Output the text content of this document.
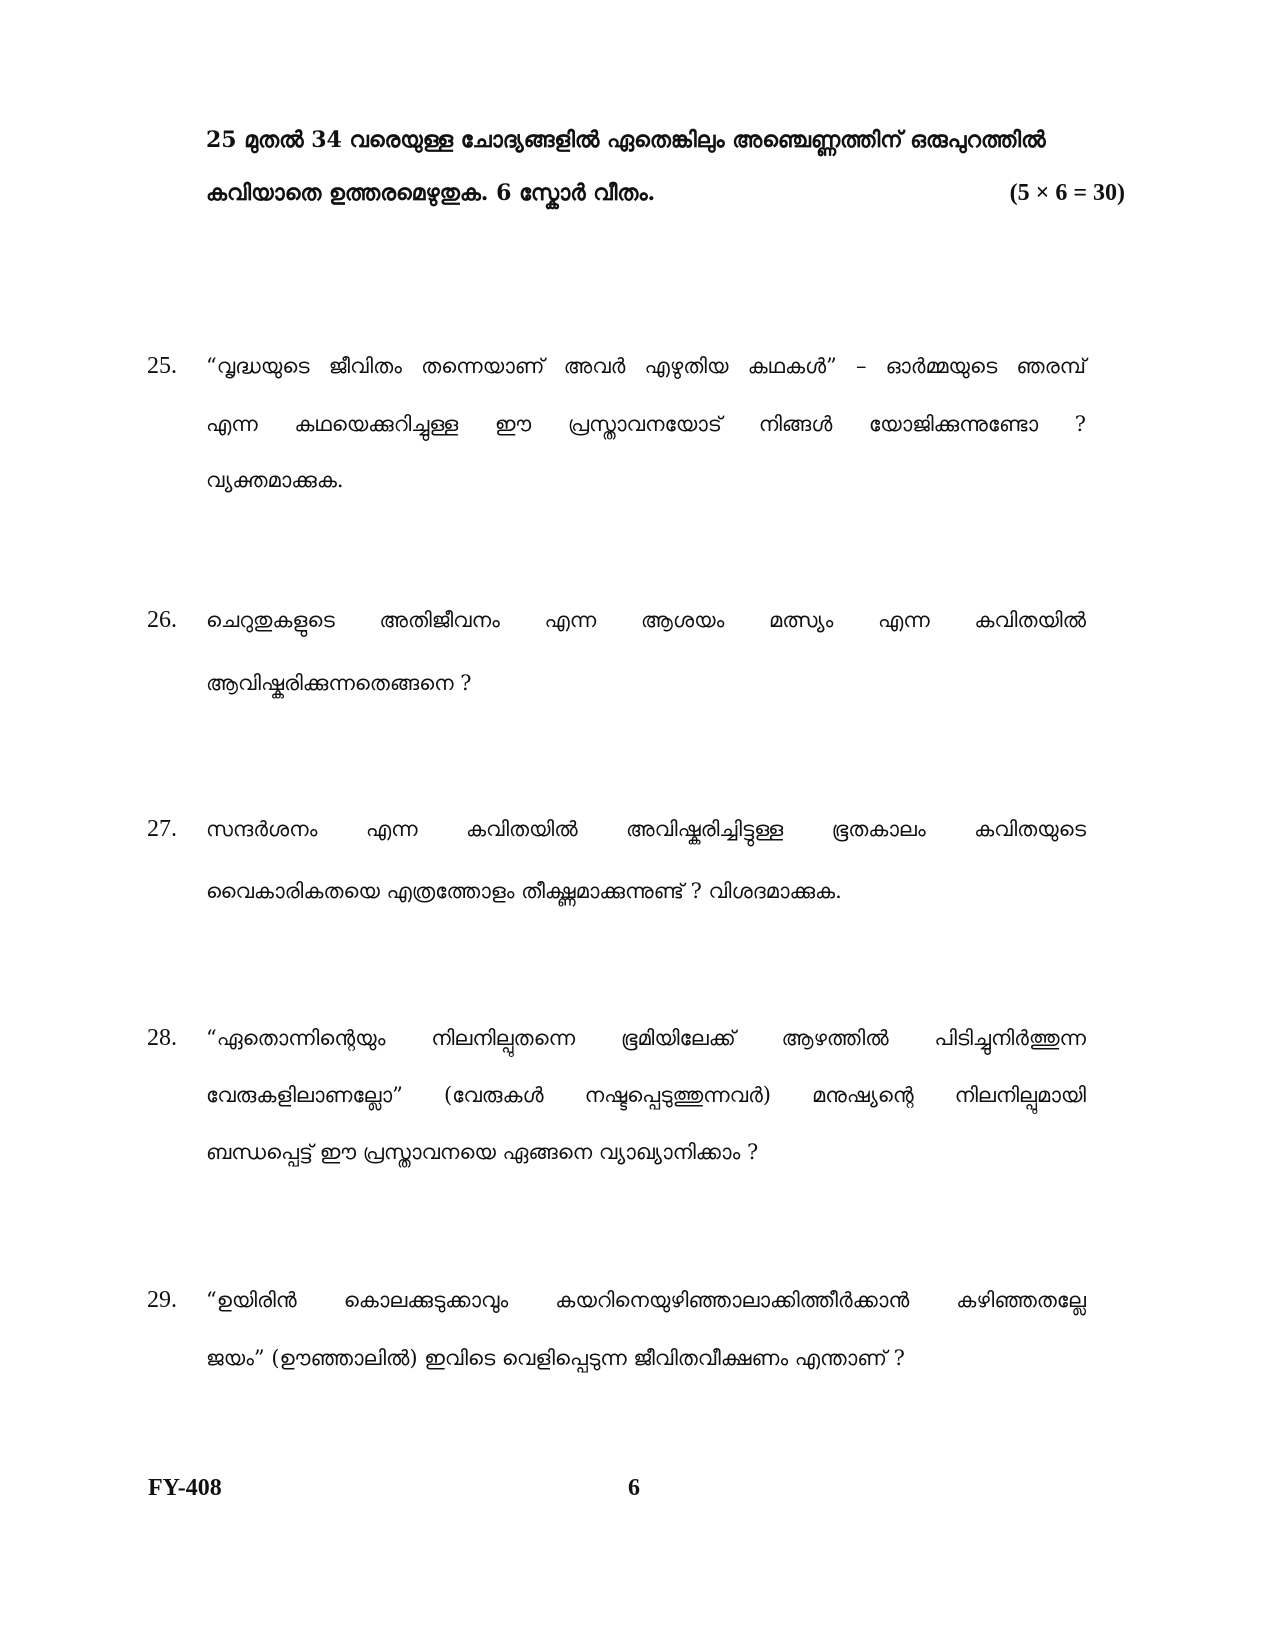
25 മുതൽ 34 വരെയുള്ള ചോദ്യങ്ങളിൽ ഏതെങ്കിലും അഞ്ചെണ്ണത്തിന് ഒരുപുറത്തിൽ
കവിയാതെ ഉത്തരമെഴുതുക. 6 സ്കോർ വീതം.	(5 × 6 = 30)
25. “വൃദ്ധയുടെ ജീവിതം തന്നെയാണ് അവർ എഴുതിയ കഥകൾ” – ഓർമ്മയുടെ ഞരമ്പ്
എന്ന കഥയെക്കുറിച്ചുള്ള ഈ പ്രസ്താവനയോട് നിങ്ങൾ യോജിക്കുന്നുണ്ടോ ?
വ്യക്തമാക്കുക.
26. ചെറുതുകളുടെ അതിജീവനം എന്ന ആശയം മത്സ്യം എന്ന കവിതയിൽ
ആവിഷ്കരിക്കുന്നതെങ്ങനെ ?
27. സന്ദർശനം എന്ന കവിതയിൽ അവിഷ്കരിച്ചിട്ടുള്ള ഭൂതകാലം കവിതയുടെ
വൈകാരികതയെ എത്രത്തോളം തീക്ഷ്ണമാക്കുന്നുണ്ട് ? വിശദമാക്കുക.
28. “ഏതൊന്നിന്റെയും നിലനില്പുതന്നെ ഭൂമിയിലേക്ക് ആഴത്തിൽ പിടിച്ചുനിർത്തുന്ന
വേരുകളിലാണല്ലോ” (വേരുകൾ നഷ്ടപ്പെടുത്തുന്നവർ) മനുഷ്യന്റെ നിലനില്പുമായി
ബന്ധപ്പെട്ട് ഈ പ്രസ്താവനയെ ഏങ്ങനെ വ്യാഖ്യാനിക്കാം ?
29. “ഉയിരിൻ കൊലക്കുടുക്കാവും കയറിനെയുഴിഞ്ഞാലാക്കിത്തീർക്കാൻ കഴിഞ്ഞതല്ലേ
ജയം” (ഊഞ്ഞാലിൽ) ഇവിടെ വെളിപ്പെടുന്ന ജീവിതവീക്ഷണം എന്താണ് ?
FY-408	6
